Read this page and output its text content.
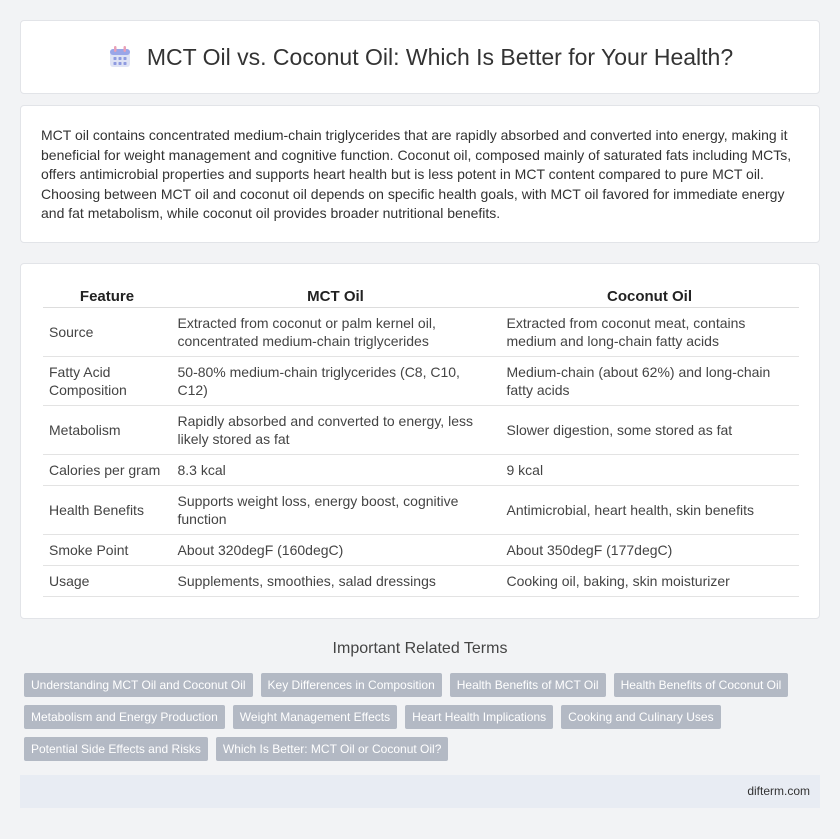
MCT Oil vs. Coconut Oil: Which Is Better for Your Health?

MCT oil contains concentrated medium-chain triglycerides that are rapidly absorbed and converted into energy, making it beneficial for weight management and cognitive function. Coconut oil, composed mainly of saturated fats including MCTs, offers antimicrobial properties and supports heart health but is less potent in MCT content compared to pure MCT oil. Choosing between MCT oil and coconut oil depends on specific health goals, with MCT oil favored for immediate energy and fat metabolism, while coconut oil provides broader nutritional benefits.

Feature	MCT Oil	Coconut Oil
Source	Extracted from coconut or palm kernel oil, concentrated medium-chain triglycerides	Extracted from coconut meat, contains medium and long-chain fatty acids
Fatty Acid Composition	50-80% medium-chain triglycerides (C8, C10, C12)	Medium-chain (about 62%) and long-chain fatty acids
Metabolism	Rapidly absorbed and converted to energy, less likely stored as fat	Slower digestion, some stored as fat
Calories per gram	8.3 kcal	9 kcal
Health Benefits	Supports weight loss, energy boost, cognitive function	Antimicrobial, heart health, skin benefits
Smoke Point	About 320degF (160degC)	About 350degF (177degC)
Usage	Supplements, smoothies, salad dressings	Cooking oil, baking, skin moisturizer
Important Related Terms
Understanding MCT Oil and Coconut Oil	Key Differences in Composition	Health Benefits of MCT Oil	Health Benefits of Coconut Oil
Metabolism and Energy Production	Weight Management Effects	Heart Health Implications	Cooking and Culinary Uses
Potential Side Effects and Risks	Which Is Better: MCT Oil or Coconut Oil?
difterm.com
